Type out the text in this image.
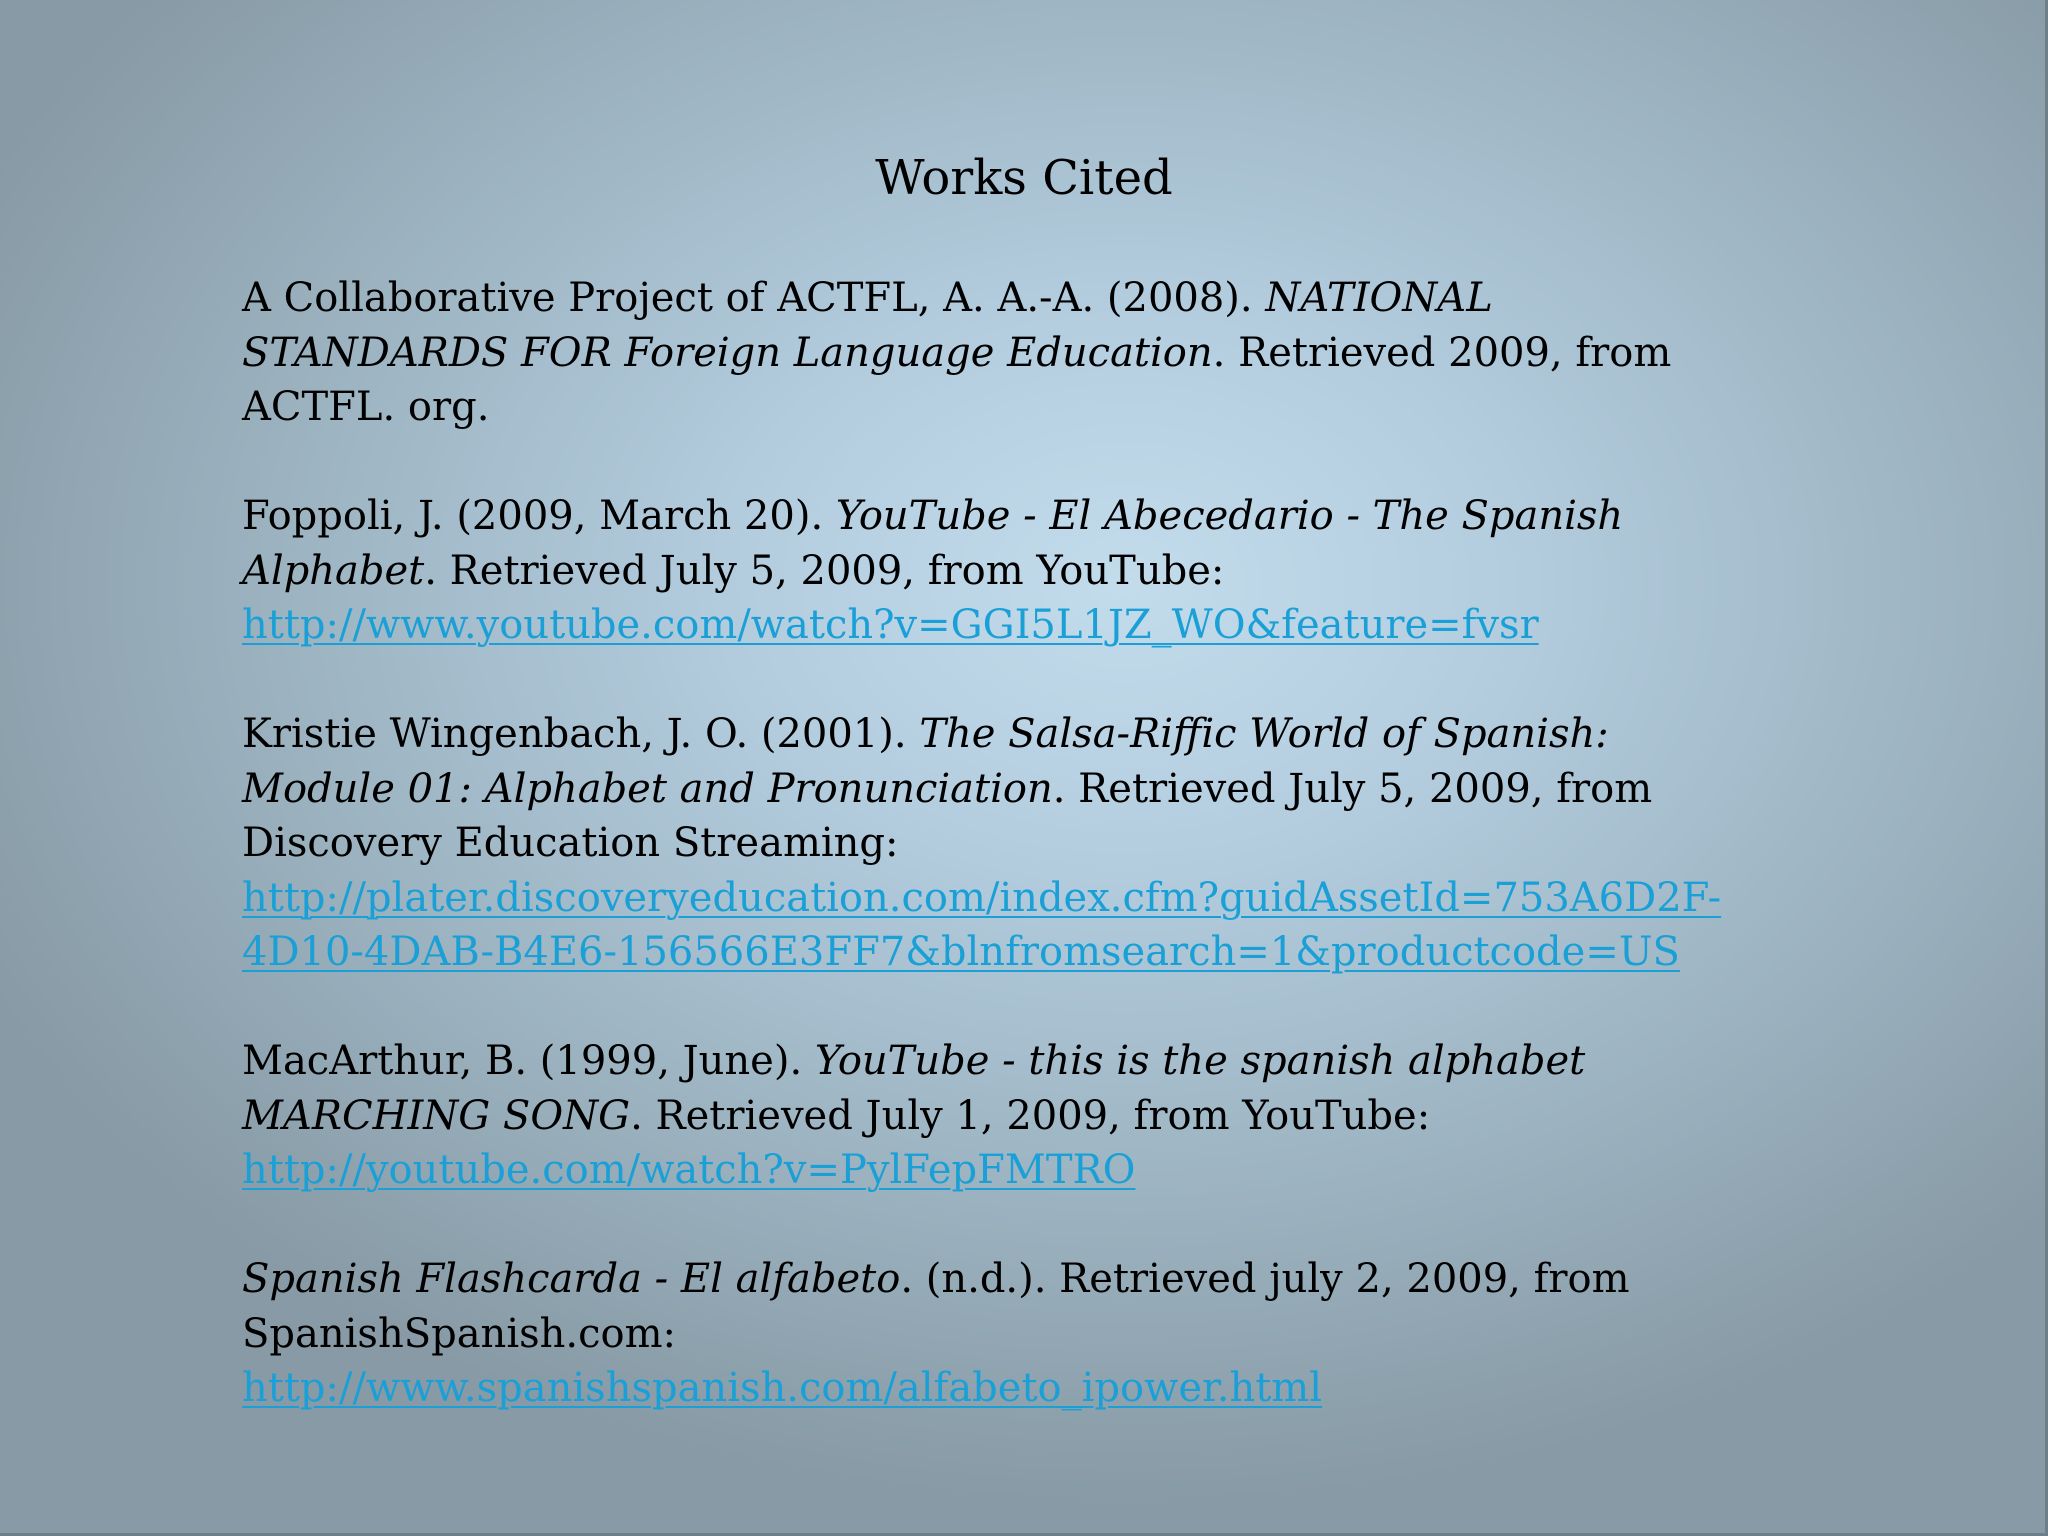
Works Cited
A Collaborative Project of ACTFL, A. A.-A. (2008). NATIONAL
STANDARDS FOR Foreign Language Education. Retrieved 2009, from
ACTFL. org.
Foppoli, J. (2009, March 20). YouTube - El Abecedario - The Spanish
Alphabet. Retrieved July 5, 2009, from YouTube:
http://www.youtube.com/watch?v=GGI5L1JZ_WO&feature=fvsr
Kristie Wingenbach, J. O. (2001). The Salsa-Riffic World of Spanish:
Module 01: Alphabet and Pronunciation. Retrieved July 5, 2009, from
Discovery Education Streaming:
http://plater.discoveryeducation.com/index.cfm?guidAssetId=753A6D2F-
4D10-4DAB-B4E6-156566E3FF7&blnfromsearch=1&productcode=US
MacArthur, B. (1999, June). YouTube - this is the spanish alphabet
MARCHING SONG. Retrieved July 1, 2009, from YouTube:
http://youtube.com/watch?v=PylFepFMTRO
Spanish Flashcarda - El alfabeto. (n.d.). Retrieved july 2, 2009, from
SpanishSpanish.com:
http://www.spanishspanish.com/alfabeto_ipower.html
